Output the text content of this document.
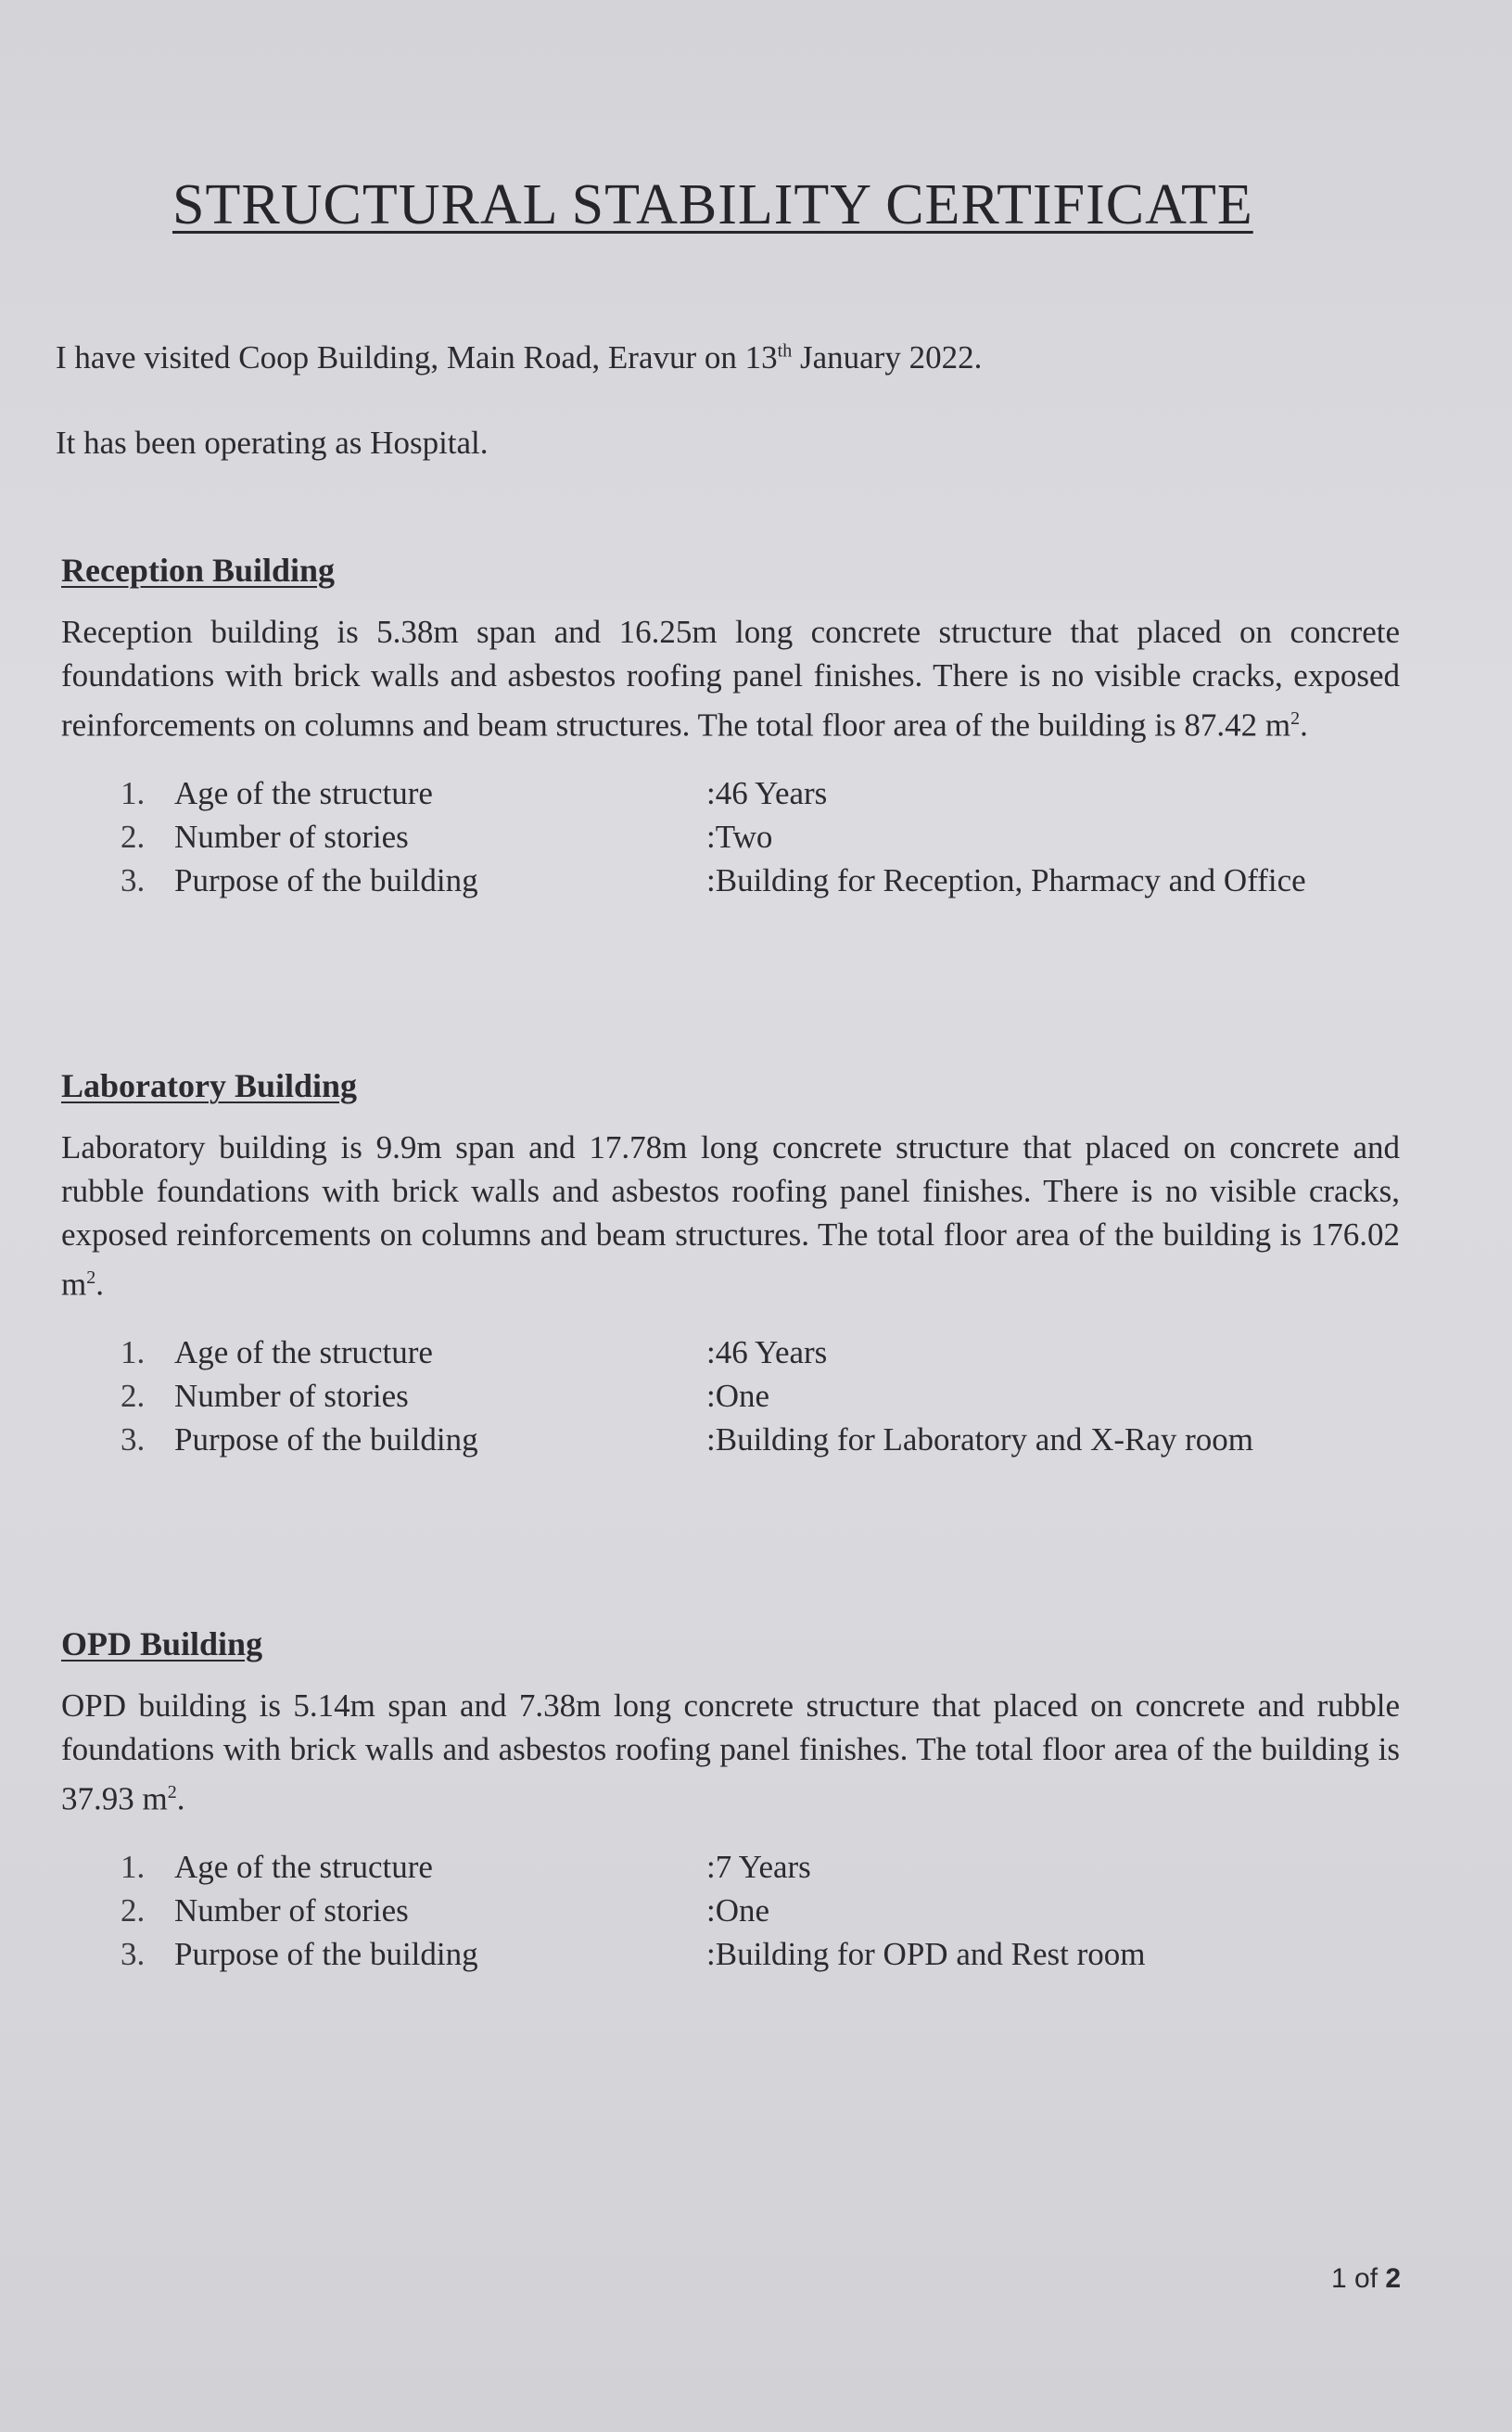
STRUCTURAL STABILITY CERTIFICATE
I have visited Coop Building, Main Road, Eravur on 13th January 2022.
It has been operating as Hospital.
Reception Building

Reception building is 5.38m span and 16.25m long concrete structure that placed on concrete foundations with brick walls and asbestos roofing panel finishes. There is no visible cracks, exposed reinforcements on columns and beam structures. The total floor area of the building is 87.42 $m^2$.

1. Age of the structure	:46 Years
2. Number of stories	:Two
3. Purpose of the building	:Building for Reception, Pharmacy and Office
Laboratory Building

Laboratory building is 9.9m span and 17.78m long concrete structure that placed on concrete and rubble foundations with brick walls and asbestos roofing panel finishes. There is no visible cracks, exposed reinforcements on columns and beam structures. The total floor area of the building is 176.02 $m^2$.

1. Age of the structure	:46 Years
2. Number of stories	:One
3. Purpose of the building	:Building for Laboratory and X-Ray room
OPD Building

OPD building is 5.14m span and 7.38m long concrete structure that placed on concrete and rubble foundations with brick walls and asbestos roofing panel finishes. The total floor area of the building is 37.93 $m^2$.

1. Age of the structure	:7 Years
2. Number of stories	:One
3. Purpose of the building	:Building for OPD and Rest room
1 of 2
